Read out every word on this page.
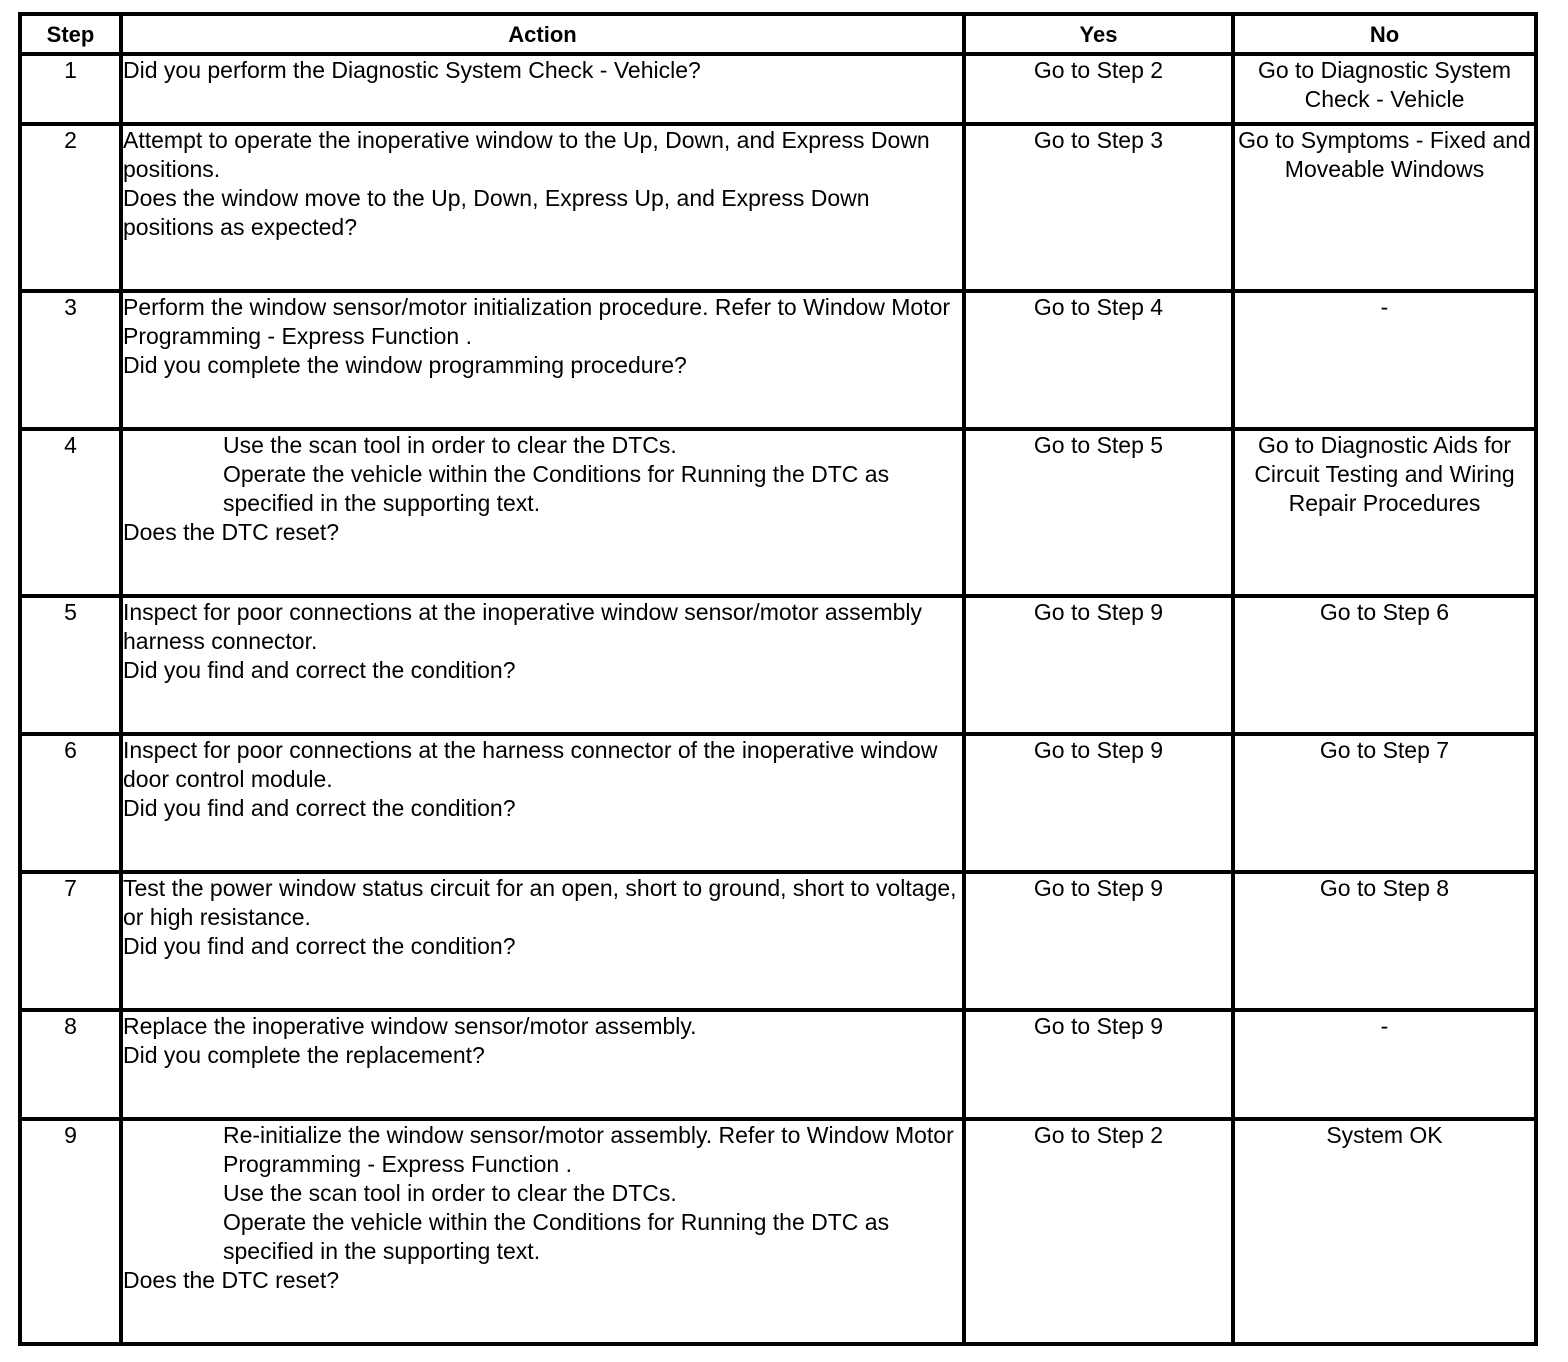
Step	Action	Yes	No
1	Did you perform the Diagnostic System Check - Vehicle?	Go to Step 2	Go to Diagnostic System Check - Vehicle
2	Attempt to operate the inoperative window to the Up, Down, and Express Down positions.
Does the window move to the Up, Down, Express Up, and Express Down positions as expected?	Go to Step 3	Go to Symptoms - Fixed and Moveable Windows
3	Perform the window sensor/motor initialization procedure. Refer to Window Motor Programming - Express Function .
Did you complete the window programming procedure?	Go to Step 4	-
4	Use the scan tool in order to clear the DTCs.
Operate the vehicle within the Conditions for Running the DTC as specified in the supporting text.
Does the DTC reset?	Go to Step 5	Go to Diagnostic Aids for Circuit Testing and Wiring Repair Procedures
5	Inspect for poor connections at the inoperative window sensor/motor assembly harness connector.
Did you find and correct the condition?	Go to Step 9	Go to Step 6
6	Inspect for poor connections at the harness connector of the inoperative window door control module.
Did you find and correct the condition?	Go to Step 9	Go to Step 7
7	Test the power window status circuit for an open, short to ground, short to voltage, or high resistance.
Did you find and correct the condition?	Go to Step 9	Go to Step 8
8	Replace the inoperative window sensor/motor assembly.
Did you complete the replacement?	Go to Step 9	-
9	Re-initialize the window sensor/motor assembly. Refer to Window Motor Programming - Express Function .
Use the scan tool in order to clear the DTCs.
Operate the vehicle within the Conditions for Running the DTC as specified in the supporting text.
Does the DTC reset?	Go to Step 2	System OK
